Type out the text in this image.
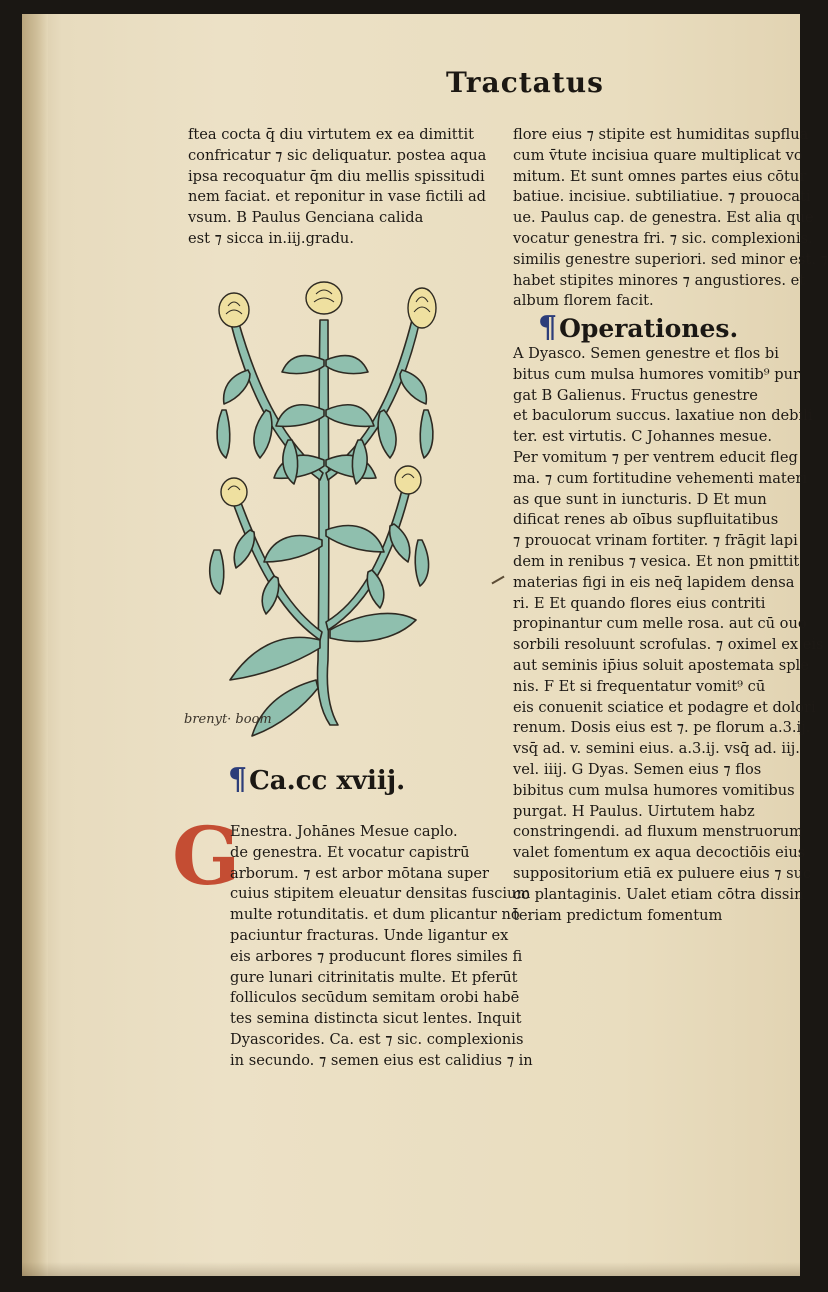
Tractatus
ftea cocta q̄ diu virtutem ex ea dimittit
confricatur ⁊ sic deliquatur. postea aqua
ipsa recoquatur q̄m diu mellis spissitudi
nem faciat. et reponitur in vase fictili ad
vsum. B Paulus Genciana calida
est ⁊ sicca in.iij.gradu.
brenyt· boom
¶Ca.cc xviij.
G
Enestra. Johānes Mesue caplo.
de genestra. Et vocatur capistrū
arborum. ⁊ est arbor mōtana super
cuius stipitem eleuatur densitas fuscium
multe rotunditatis. et dum plicantur nō
paciuntur fracturas. Unde ligantur ex
eis arbores ⁊ producunt flores similes fi
gure lunari citrinitatis multe. Et pferūt
folliculos secūdum semitam orobi habē
tes semina distincta sicut lentes. Inquit
Dyascorides. Ca. est ⁊ sic. complexionis
in secundo. ⁊ semen eius est calidius ⁊ in
flore eius ⁊ stipite est humiditas supflua
cum v̄tute incisiua quare multiplicat vo
mitum. Et sunt omnes partes eius cōtur
batiue. incisiue. subtiliatiue. ⁊ prouocati
ue. Paulus cap. de genestra. Est alia que
vocatur genestra fri. ⁊ sic. complexionis.
similis genestre superiori. sed minor est. ⁊
habet stipites minores ⁊ angustiores. et
album florem facit.
¶Operationes.
A Dyasco. Semen genestre et flos bi
bitus cum mulsa humores vomitib⁹ pur
gat B Galienus. Fructus genestre
et baculorum succus. laxatiue non debili
ter. est virtutis. C Johannes mesue.
Per vomitum ⁊ per ventrem educit fleg
ma. ⁊ cum fortitudine vehementi materi
as que sunt in iuncturis. D Et mun
dificat renes ab oībus supfluitatibus
⁊ prouocat vrinam fortiter. ⁊ frāgit lapi
dem in renibus ⁊ vesica. Et non pmittit
materias figi in eis neq̄ lapidem densa
ri. E Et quando flores eius contriti
propinantur cum melle rosa. aut cū ouo
sorbili resoluunt scrofulas. ⁊ oximel ex eis
aut seminis ip̄ius soluit apostemata sple
nis. F Et si frequentatur vomit⁹ cū
eis conuenit sciatice et podagre et dolori
renum. Dosis eius est ⁊. pe florum a.3.ij.
vsq̄ ad. v. semini eius. a.3.ij. vsq̄ ad. iij.
vel. iiij. G Dyas. Semen eius ⁊ flos
bibitus cum mulsa humores vomitibus
purgat. H Paulus. Uirtutem habz
constringendi. ad fluxum menstruorum
valet fomentum ex aqua decoctiōis eius
suppositorium etiā ex puluere eius ⁊ suc
co plantaginis. Ualet etiam cōtra dissin
teriam predictum fomentum
